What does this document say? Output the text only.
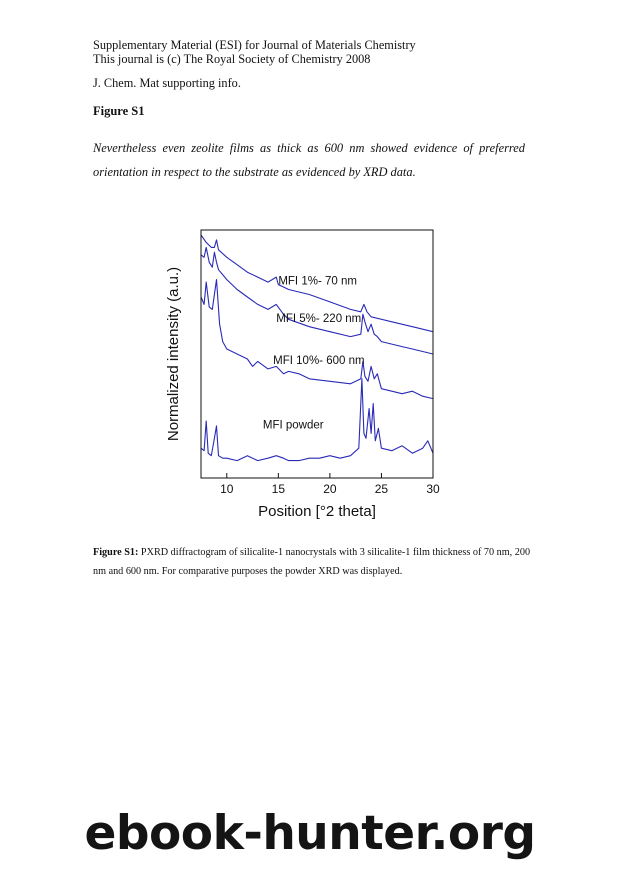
Supplementary Material (ESI) for Journal of Materials Chemistry
This journal is (c) The Royal Society of Chemistry 2008
J. Chem. Mat supporting info.
Figure S1

Nevertheless even zeolite films as thick as 600 nm showed evidence of preferred orientation in respect to the substrate as evidenced by XRD data.

10	15	20	25	30
MFI 1%- 70 nm
MFI 5%- 220 nm
MFI 10%- 600 nm
MFI powder
Position [°2 theta]
Normalized intensity (a.u.)

Figure S1: PXRD diffractogram of silicalite-1 nanocrystals with 3 silicalite-1 film thickness of 70 nm, 200 nm and 600 nm. For comparative purposes the powder XRD was displayed.

ebook-hunter.org
